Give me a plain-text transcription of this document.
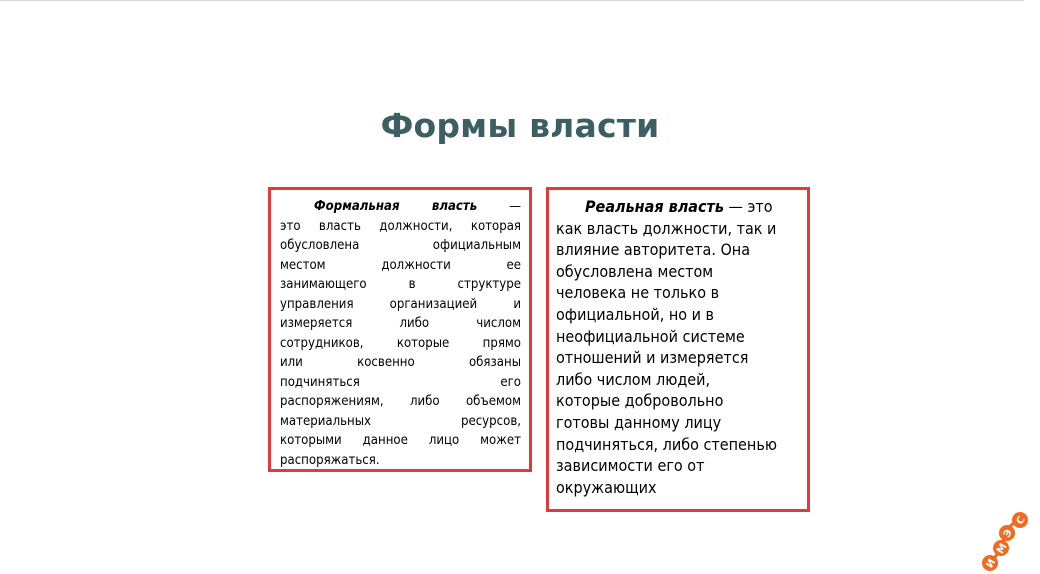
Формы власти
Формальная власть —
это власть должности, которая
обусловлена официальным
местом должности ее
занимающего в структуре
управления организацией и
измеряется либо числом
сотрудников, которые прямо
или косвенно обязаны
подчиняться его
распоряжениям, либо объемом
материальных ресурсов,
которыми данное лицо может
распоряжаться.
Реальная власть — это
как власть должности, так и
влияние авторитета. Она
обусловлена местом
человека не только в
официальной, но и в
неофициальной системе
отношений и измеряется
либо числом людей,
которые добровольно
готовы данному лицу
подчиняться, либо степенью
зависимости его от
окружающих
И
М
Э
С
